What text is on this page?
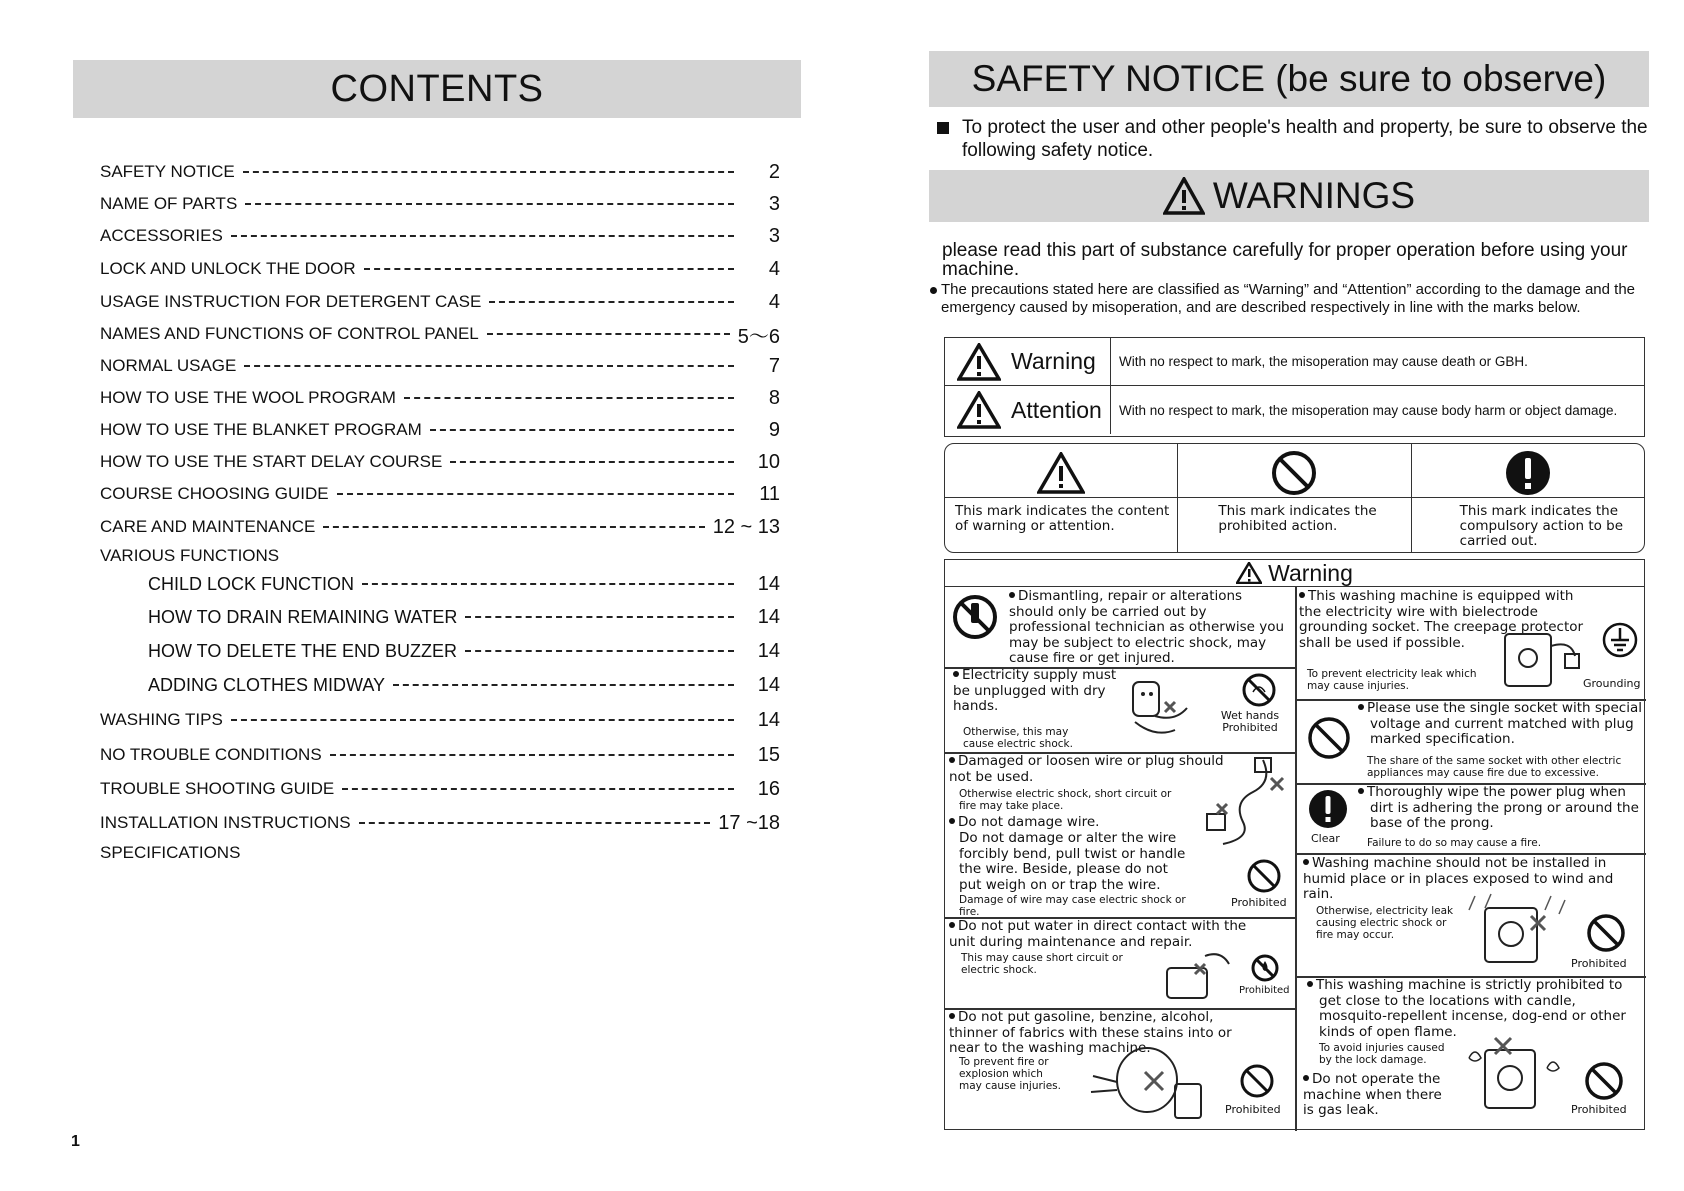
CONTENTS
SAFETY NOTICE	2
NAME OF PARTS	3
ACCESSORIES	3
LOCK AND UNLOCK THE DOOR	4
USAGE INSTRUCTION FOR DETERGENT CASE	4
NAMES AND FUNCTIONS OF CONTROL PANEL	5～6
NORMAL USAGE	7
HOW TO USE THE WOOL PROGRAM	8
HOW TO USE THE BLANKET PROGRAM	9
HOW TO USE THE START DELAY COURSE	10
COURSE CHOOSING GUIDE	11
CARE AND MAINTENANCE	12 ~ 13
VARIOUS FUNCTIONS
CHILD LOCK FUNCTION	14
HOW TO DRAIN REMAINING WATER	14
HOW TO DELETE THE END BUZZER	14
ADDING CLOTHES MIDWAY	14
WASHING TIPS	14
NO TROUBLE CONDITIONS	15
TROUBLE SHOOTING GUIDE	16
INSTALLATION INSTRUCTIONS	17 ~18
SPECIFICATIONS
1
SAFETY NOTICE (be sure to observe)
To protect the user and other people's health and property, be sure to observe the following safety notice.
WARNINGS
please read this part of substance carefully for proper operation before using your machine.
The precautions stated here are classified as “Warning” and “Attention” according to the damage and the emergency caused by misoperation, and are described respectively in line with the marks below.
Warning	With no respect to mark, the misoperation may cause death or GBH.
Attention	With no respect to mark, the misoperation may cause body harm or object damage.
This mark indicates the content of warning or attention.
This mark indicates the prohibited action.
This mark indicates the compulsory action to be carried out.
Warning
Dismantling, repair or alterations should only be carried out by professional technician as otherwise you may be subject to electric shock, may cause fire or get injured.
Electricity supply must be unplugged with dry hands.
Otherwise, this may cause electric shock.
Wet hands Prohibited
Damaged or loosen wire or plug should not be used.
Otherwise electric shock, short circuit or fire may take place.
Do not damage wire.
Do not damage or alter the wire forcibly bend, pull twist or handle the wire. Beside, please do not put weigh on or trap the wire.
Damage of wire may case electric shock or fire.
Prohibited
Do not put water in direct contact with the unit during maintenance and repair.
This may cause short circuit or electric shock.
Prohibited
Do not put gasoline, benzine, alcohol, thinner of fabrics with these stains into or near to the washing machine.
To prevent fire or explosion which may cause injuries.
Prohibited
This washing machine is equipped with the electricity wire with bielectrode grounding socket. The creepage protector shall be used if possible.
To prevent electricity leak which may cause injuries.	Grounding
Please use the single socket with special voltage and current matched with plug marked specification.
The share of the same socket with other electric appliances may cause fire due to excessive.
Clear
Thoroughly wipe the power plug when dirt is adhering the prong or around the base of the prong.
Failure to do so may cause a fire.
Washing machine should not be installed in humid place or in places exposed to wind and rain.
Otherwise, electricity leak causing electric shock or fire may occur.
Prohibited
This washing machine is strictly prohibited to get close to the locations with candle, mosquito-repellent incense, dog-end or other kinds of open flame.
To avoid injuries caused by the lock damage.
Do not operate the machine when there is gas leak.	Prohibited
